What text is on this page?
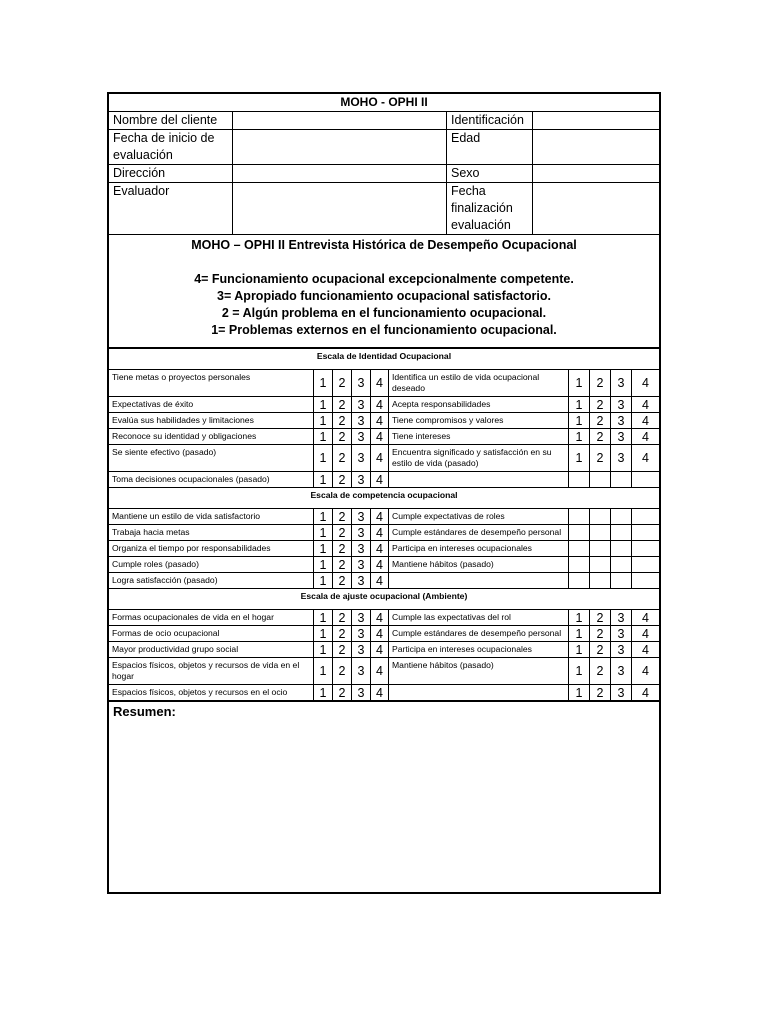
MOHO - OPHI II			
Nombre del cliente		Identificación	
Fecha de inicio de evaluación		Edad	
Dirección		Sexo	
Evaluador		Fecha finalización evaluación	

MOHO – OPHI II Entrevista Histórica de Desempeño Ocupacional
4= Funcionamiento ocupacional excepcionalmente competente.
3= Apropiado funcionamiento ocupacional satisfactorio.
2 = Algún problema en el funcionamiento ocupacional.
1= Problemas externos en el funcionamiento ocupacional.			
Escala de Identidad Ocupacional									
Tiene metas o proyectos personales	1	2	3	4	Identifica un estilo de vida ocupacional deseado	1	2	3	4
Expectativas de éxito	1	2	3	4	Acepta responsabilidades	1	2	3	4
Evalúa sus habilidades y limitaciones	1	2	3	4	Tiene compromisos y valores	1	2	3	4
Reconoce su identidad y obligaciones	1	2	3	4	Tiene intereses	1	2	3	4
Se siente efectivo (pasado)	1	2	3	4	Encuentra significado y satisfacción en su estilo de vida (pasado)	1	2	3	4
Toma decisiones ocupacionales (pasado)	1	2	3	4					
Escala de competencia ocupacional									
Mantiene un estilo de vida satisfactorio	1	2	3	4	Cumple expectativas de roles				
Trabaja hacia metas	1	2	3	4	Cumple estándares de desempeño personal				
Organiza el tiempo por responsabilidades	1	2	3	4	Participa en intereses ocupacionales				
Cumple roles (pasado)	1	2	3	4	Mantiene hábitos (pasado)				
Logra satisfacción (pasado)	1	2	3	4					
Escala de ajuste ocupacional (Ambiente)									
Formas ocupacionales de vida en el hogar	1	2	3	4	Cumple las expectativas del rol	1	2	3	4
Formas de ocio ocupacional	1	2	3	4	Cumple estándares de desempeño personal	1	2	3	4
Mayor productividad grupo social	1	2	3	4	Participa en intereses ocupacionales	1	2	3	4
Espacios físicos, objetos y recursos de vida en el hogar	1	2	3	4	Mantiene hábitos (pasado)	1	2	3	4
Espacios físicos, objetos y recursos en el ocio	1	2	3	4		1	2	3	4
Resumen:
